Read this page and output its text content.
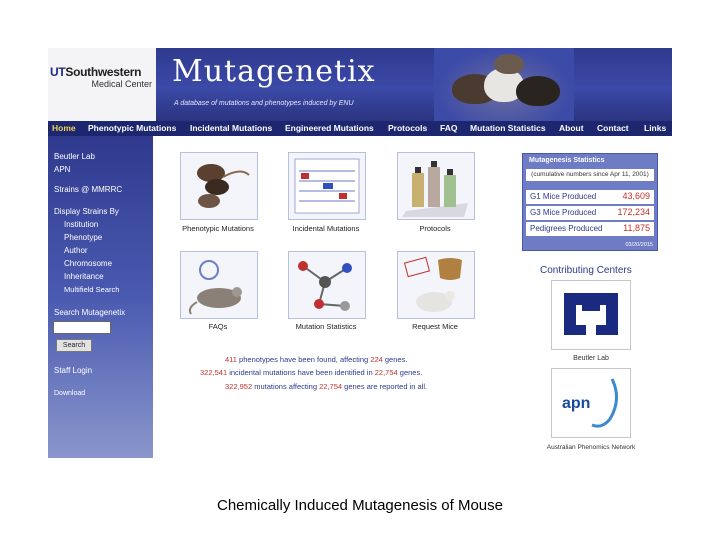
UTSouthwestern
Medical Center Mutagenetix
A database of mutations and phenotypes induced by ENU
Home Phenotypic Mutations Incidental Mutations Engineered Mutations Protocols FAQ Mutation Statistics About Contact Links
Beutler Lab
APN
Strains @ MMRRC
Display Strains By
Institution
Phenotype
Author
Chromosome
Inheritance
Multifield Search
Search Mutagenetix
Search
Staff Login
Download
Phenotypic Mutations	Incidental Mutations	Protocols
FAQs	Mutation Statistics	Request Mice
Mutagenesis Statistics
(cumulative numbers since Apr 11, 2001)
G1 Mice Produced	43,609
G3 Mice Produced 172,234
Pedigrees Produced 11,875
03/20/2015
Contributing Centers
Beutler Lab
apn
Australian Phenomics Network
411 phenotypes have been found, affecting 224 genes.
322,541 incidental mutations have been identified in 22,754 genes.
322,952 mutations affecting 22,754 genes are reported in all.
Chemically Induced Mutagenesis of Mouse
